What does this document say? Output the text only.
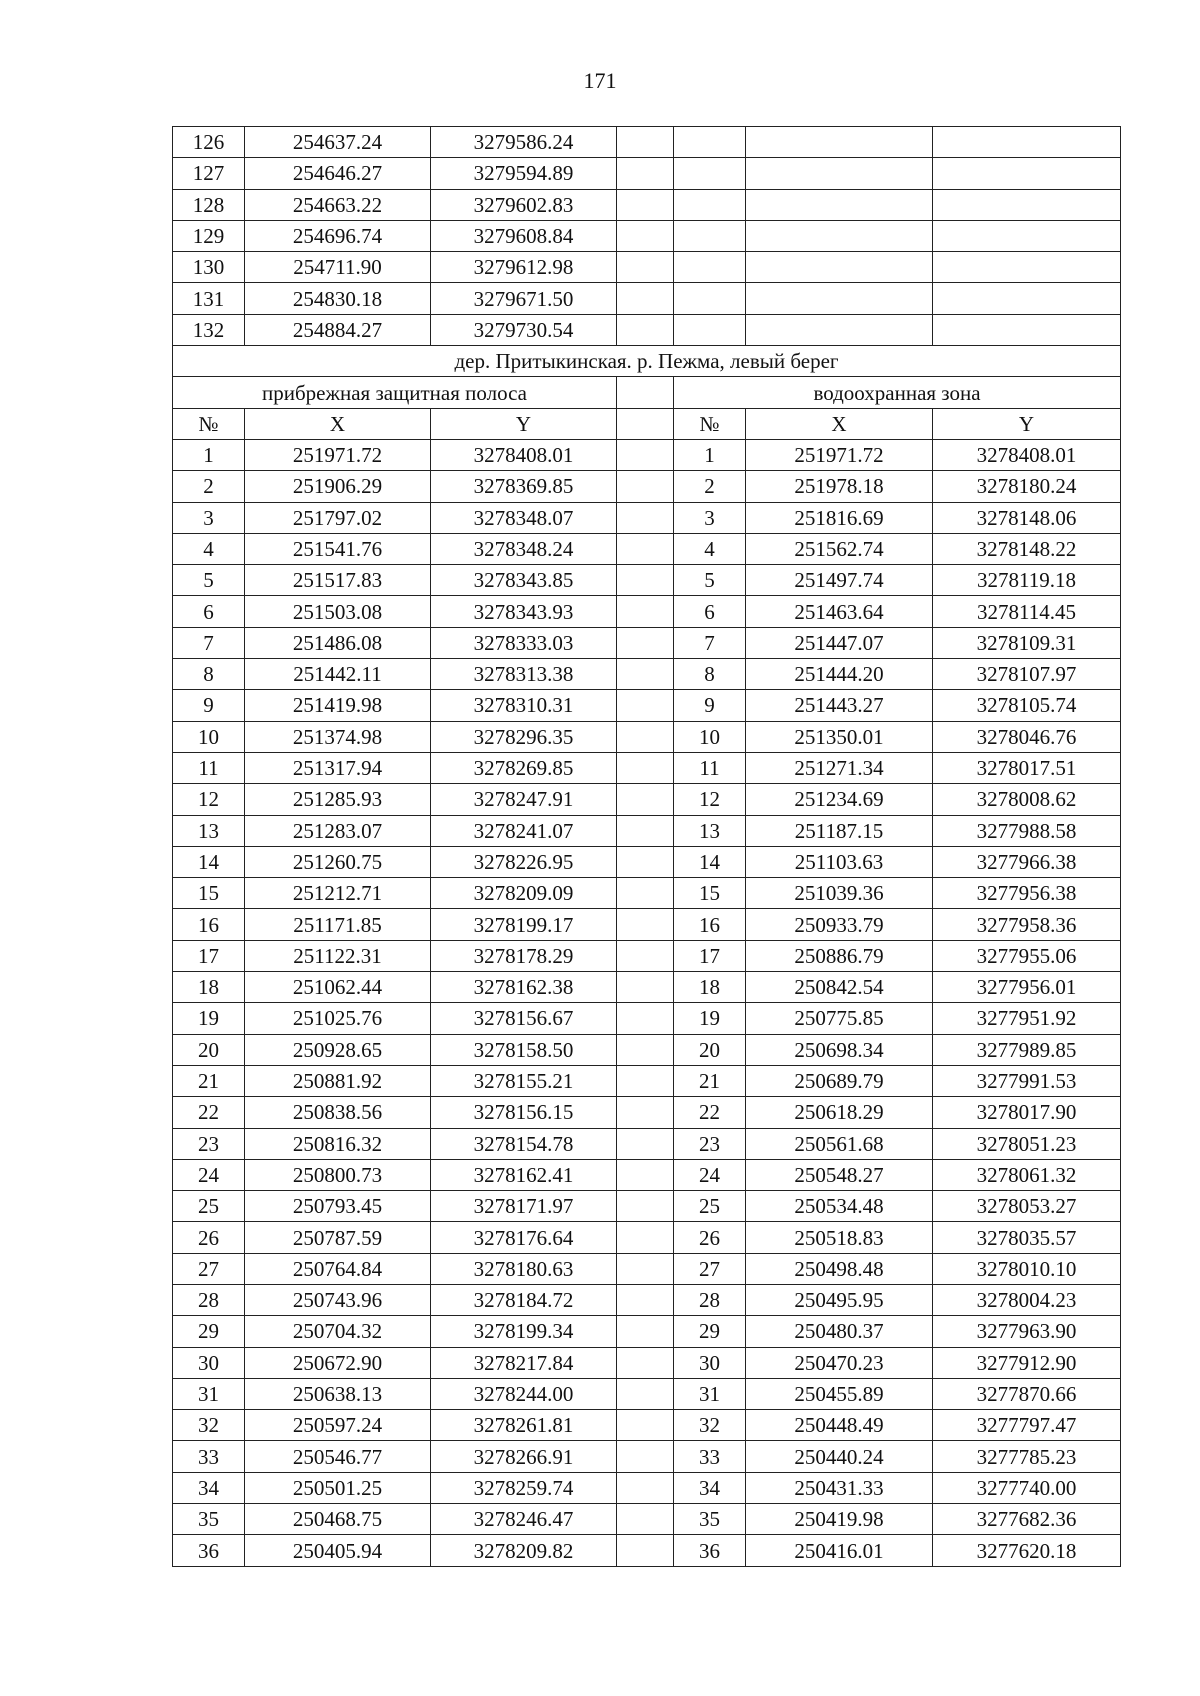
171
126	254637.24	3279586.24				
127	254646.27	3279594.89				
128	254663.22	3279602.83				
129	254696.74	3279608.84				
130	254711.90	3279612.98				
131	254830.18	3279671.50				
132	254884.27	3279730.54				
дер. Притыкинская. р. Пежма, левый берег						
прибрежная защитная полоса				водоохранная зона		
№	X	Y		№	X	Y
1	251971.72	3278408.01		1	251971.72	3278408.01
2	251906.29	3278369.85		2	251978.18	3278180.24
3	251797.02	3278348.07		3	251816.69	3278148.06
4	251541.76	3278348.24		4	251562.74	3278148.22
5	251517.83	3278343.85		5	251497.74	3278119.18
6	251503.08	3278343.93		6	251463.64	3278114.45
7	251486.08	3278333.03		7	251447.07	3278109.31
8	251442.11	3278313.38		8	251444.20	3278107.97
9	251419.98	3278310.31		9	251443.27	3278105.74
10	251374.98	3278296.35		10	251350.01	3278046.76
11	251317.94	3278269.85		11	251271.34	3278017.51
12	251285.93	3278247.91		12	251234.69	3278008.62
13	251283.07	3278241.07		13	251187.15	3277988.58
14	251260.75	3278226.95		14	251103.63	3277966.38
15	251212.71	3278209.09		15	251039.36	3277956.38
16	251171.85	3278199.17		16	250933.79	3277958.36
17	251122.31	3278178.29		17	250886.79	3277955.06
18	251062.44	3278162.38		18	250842.54	3277956.01
19	251025.76	3278156.67		19	250775.85	3277951.92
20	250928.65	3278158.50		20	250698.34	3277989.85
21	250881.92	3278155.21		21	250689.79	3277991.53
22	250838.56	3278156.15		22	250618.29	3278017.90
23	250816.32	3278154.78		23	250561.68	3278051.23
24	250800.73	3278162.41		24	250548.27	3278061.32
25	250793.45	3278171.97		25	250534.48	3278053.27
26	250787.59	3278176.64		26	250518.83	3278035.57
27	250764.84	3278180.63		27	250498.48	3278010.10
28	250743.96	3278184.72		28	250495.95	3278004.23
29	250704.32	3278199.34		29	250480.37	3277963.90
30	250672.90	3278217.84		30	250470.23	3277912.90
31	250638.13	3278244.00		31	250455.89	3277870.66
32	250597.24	3278261.81		32	250448.49	3277797.47
33	250546.77	3278266.91		33	250440.24	3277785.23
34	250501.25	3278259.74		34	250431.33	3277740.00
35	250468.75	3278246.47		35	250419.98	3277682.36
36	250405.94	3278209.82		36	250416.01	3277620.18
